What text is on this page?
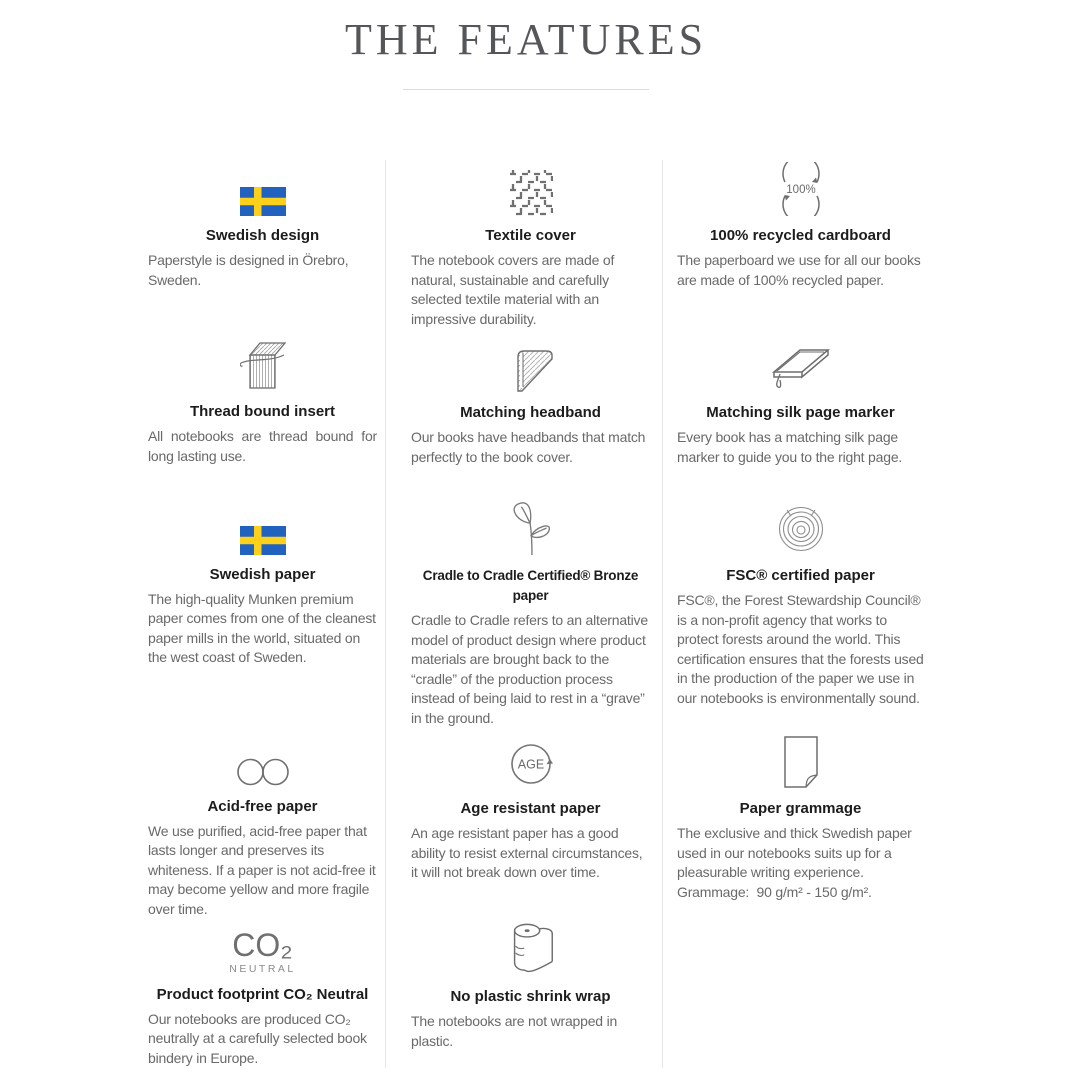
THE FEATURES
Swedish design
Paperstyle is designed in Örebro, Sweden.
Thread bound insert
All notebooks are thread bound for long lasting use.
Swedish paper
The high-quality Munken premium paper comes from one of the cleanest paper mills in the world, situated on the west coast of Sweden.
Acid-free paper
We use purified, acid-free paper that lasts longer and preserves its whiteness. If a paper is not acid-free it may become yellow and more fragile over time.
CO₂
NEUTRAL
Product footprint CO₂ Neutral
Our notebooks are produced CO₂ neutrally at a carefully selected book bindery in Europe.
Textile cover
The notebook covers are made of natural, sustainable and carefully selected textile material with an impressive durability.
Matching headband
Our books have headbands that match perfectly to the book cover.
Cradle to Cradle Certified® Bronze paper
Cradle to Cradle refers to an alternative model of product design where product materials are brought back to the “cradle” of the production process instead of being laid to rest in a “grave” in the ground.
AGE
Age resistant paper
An age resistant paper has a good ability to resist external circumstances, it will not break down over time.
No plastic shrink wrap
The notebooks are not wrapped in plastic.
100%
100% recycled cardboard
The paperboard we use for all our books are made of 100% recycled paper.
Matching silk page marker
Every book has a matching silk page marker to guide you to the right page.
FSC® certified paper
FSC®, the Forest Stewardship Council® is a non-profit agency that works to protect forests around the world. This certification ensures that the forests used in the production of the paper we use in our notebooks is environmentally sound.
Paper grammage
The exclusive and thick Swedish paper used in our notebooks suits up for a pleasurable writing experience. Grammage:  90 g/m² - 150 g/m².
